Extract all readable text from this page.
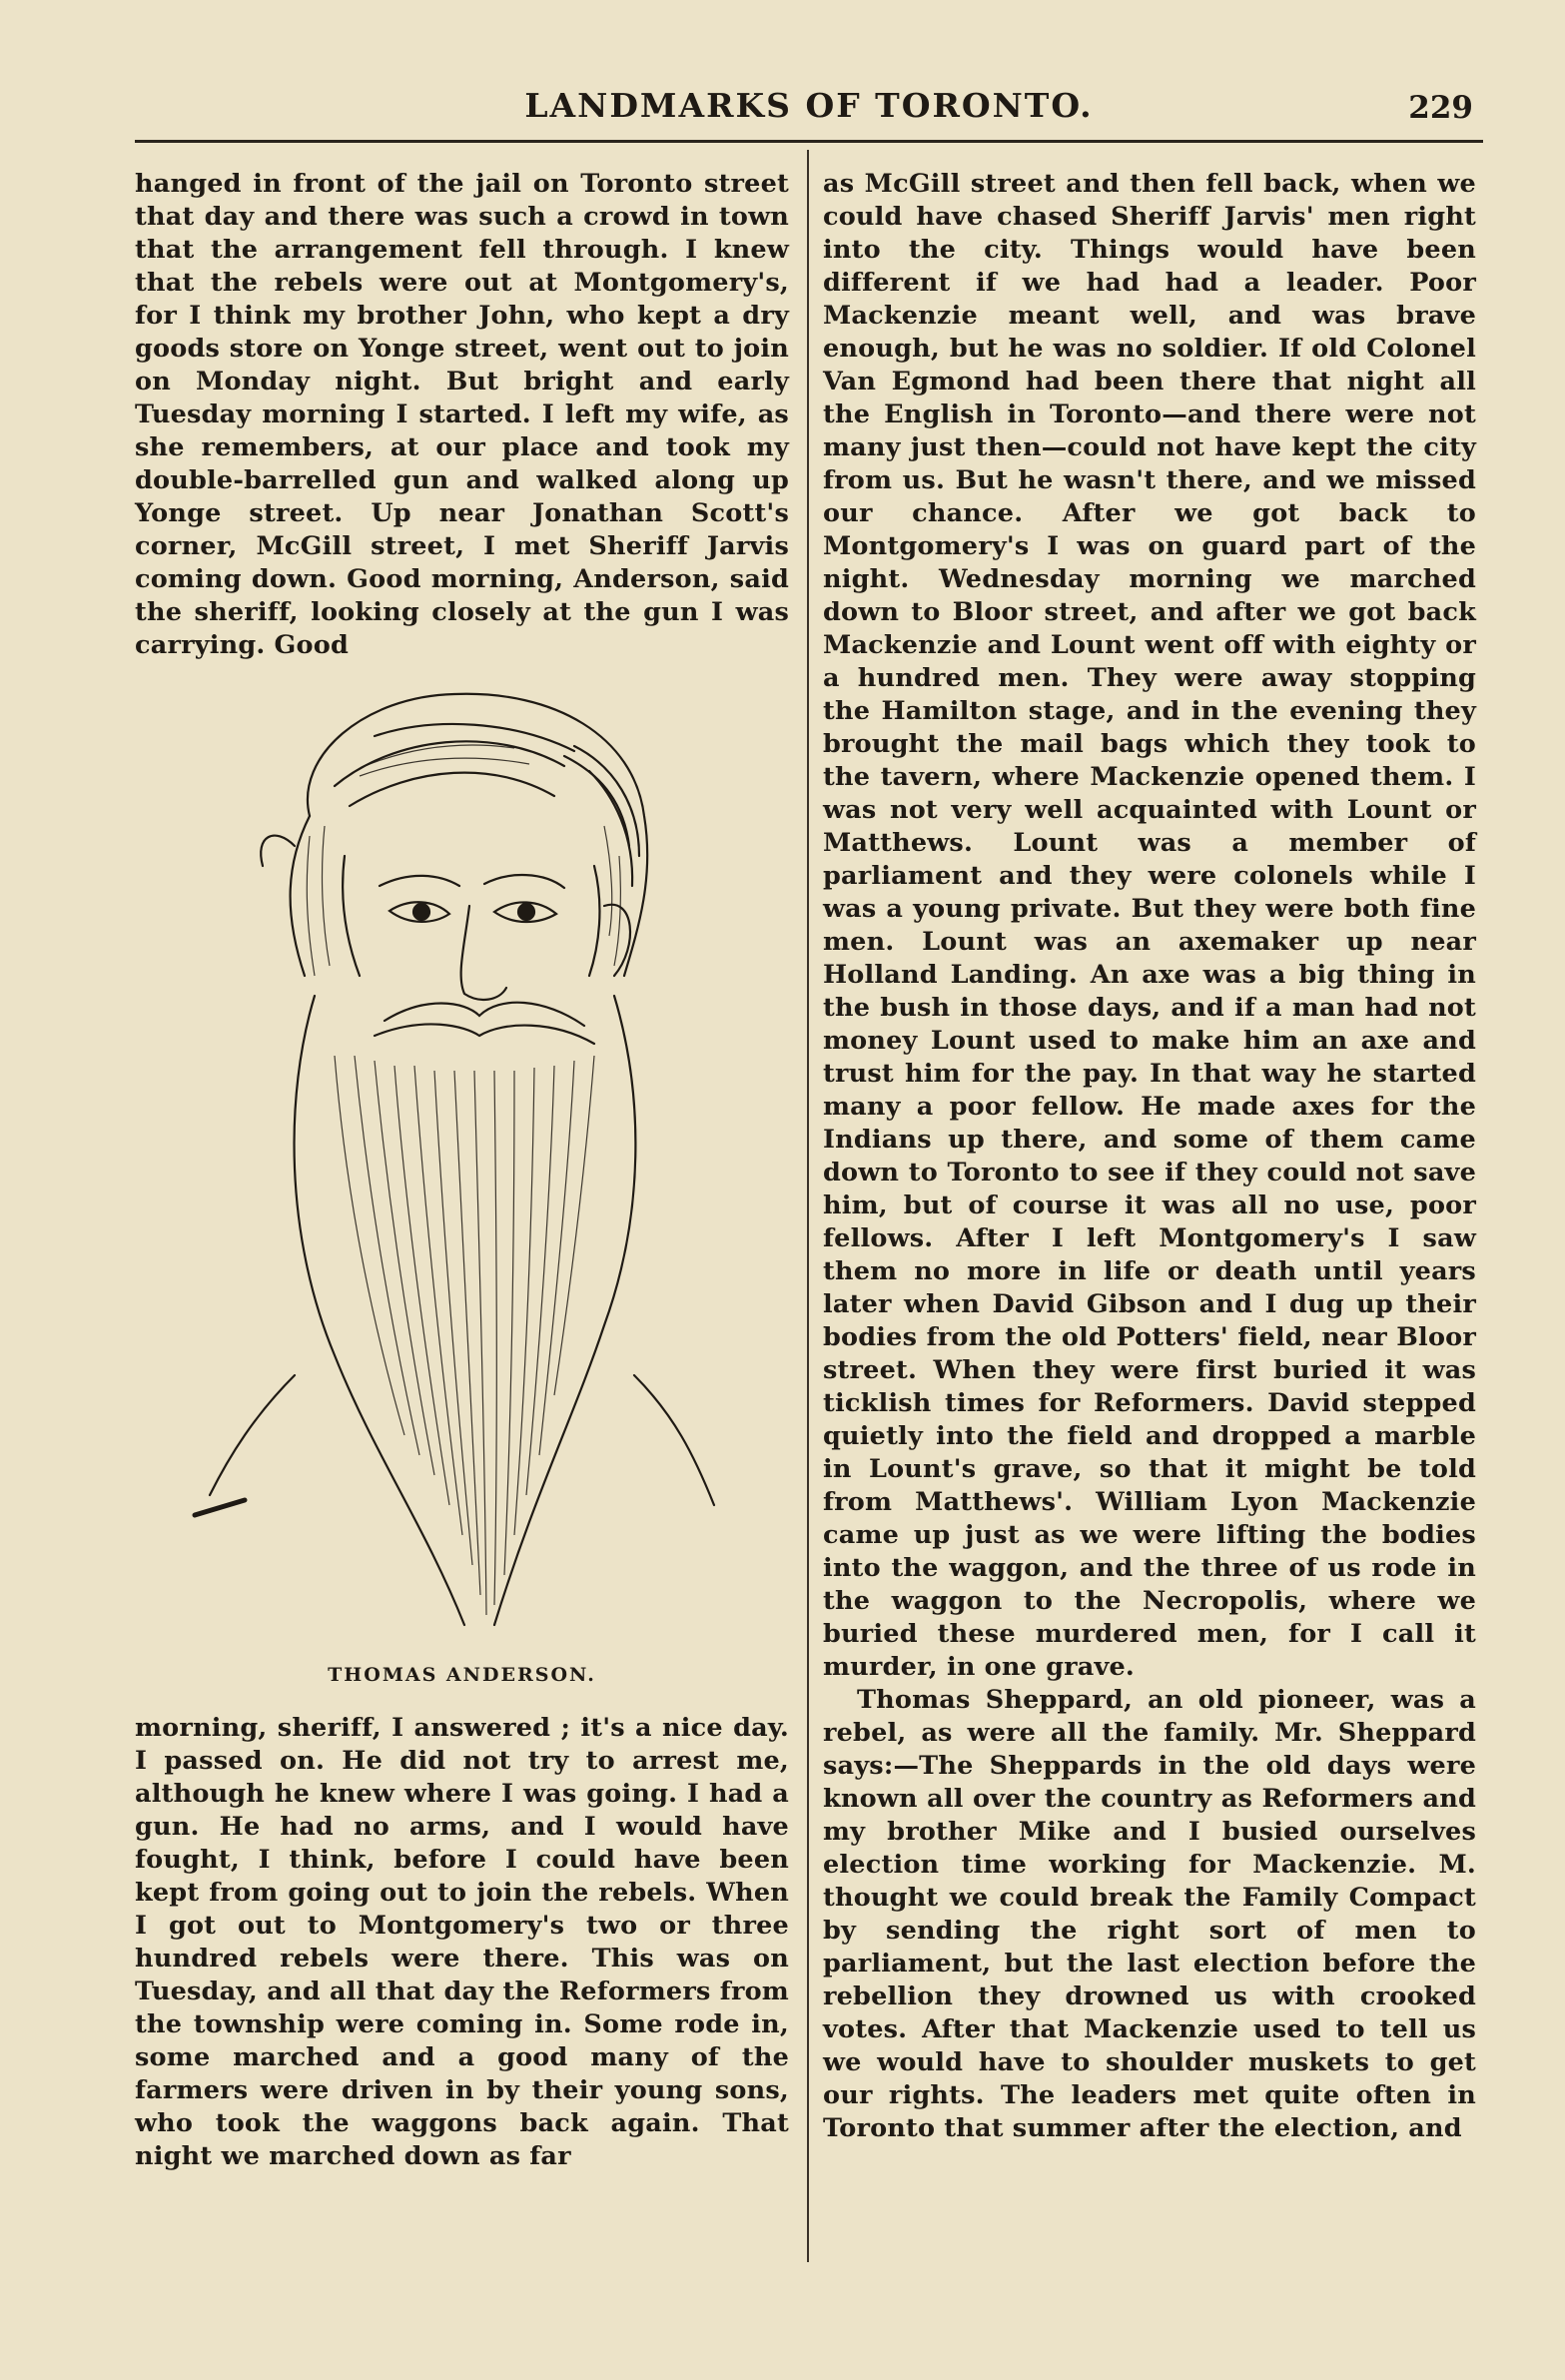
LANDMARKS OF TORONTO.	229

hanged in front of the jail on Toronto street that day and there was such a crowd in town that the arrangement fell through. I knew that the rebels were out at Montgomery's, for I think my brother John, who kept a dry goods store on Yonge street, went out to join on Monday night. But bright and early Tuesday morning I started. I left my wife, as she remembers, at our place and took my double-barrelled gun and walked along up Yonge street. Up near Jonathan Scott's corner, McGill street, I met Sheriff Jarvis coming down. Good morning, Anderson, said the sheriff, looking closely at the gun I was carrying. Good

THOMAS ANDERSON.

morning, sheriff, I answered ; it's a nice day. I passed on. He did not try to arrest me, although he knew where I was going. I had a gun. He had no arms, and I would have fought, I think, before I could have been kept from going out to join the rebels. When I got out to Montgomery's two or three hundred rebels were there. This was on Tuesday, and all that day the Reformers from the township were coming in. Some rode in, some marched and a good many of the farmers were driven in by their young sons, who took the waggons back again. That night we marched down as far

as McGill street and then fell back, when we could have chased Sheriff Jarvis' men right into the city. Things would have been different if we had had a leader. Poor Mackenzie meant well, and was brave enough, but he was no soldier. If old Colonel Van Egmond had been there that night all the English in Toronto—and there were not many just then—could not have kept the city from us. But he wasn't there, and we missed our chance. After we got back to Montgomery's I was on guard part of the night. Wednesday morning we marched down to Bloor street, and after we got back Mackenzie and Lount went off with eighty or a hundred men. They were away stopping the Hamilton stage, and in the evening they brought the mail bags which they took to the tavern, where Mackenzie opened them. I was not very well acquainted with Lount or Matthews. Lount was a member of parliament and they were colonels while I was a young private. But they were both fine men. Lount was an axemaker up near Holland Landing. An axe was a big thing in the bush in those days, and if a man had not money Lount used to make him an axe and trust him for the pay. In that way he started many a poor fellow. He made axes for the Indians up there, and some of them came down to Toronto to see if they could not save him, but of course it was all no use, poor fellows. After I left Montgomery's I saw them no more in life or death until years later when David Gibson and I dug up their bodies from the old Potters' field, near Bloor street. When they were first buried it was ticklish times for Reformers. David stepped quietly into the field and dropped a marble in Lount's grave, so that it might be told from Matthews'. William Lyon Mackenzie came up just as we were lifting the bodies into the waggon, and the three of us rode in the waggon to the Necropolis, where we buried these murdered men, for I call it murder, in one grave.

Thomas Sheppard, an old pioneer, was a rebel, as were all the family. Mr. Sheppard says:—The Sheppards in the old days were known all over the country as Reformers and my brother Mike and I busied ourselves election time working for Mackenzie. M. thought we could break the Family Compact by sending the right sort of men to parliament, but the last election before the rebellion they drowned us with crooked votes. After that Mackenzie used to tell us we would have to shoulder muskets to get our rights. The leaders met quite often in Toronto that summer after the election, and
